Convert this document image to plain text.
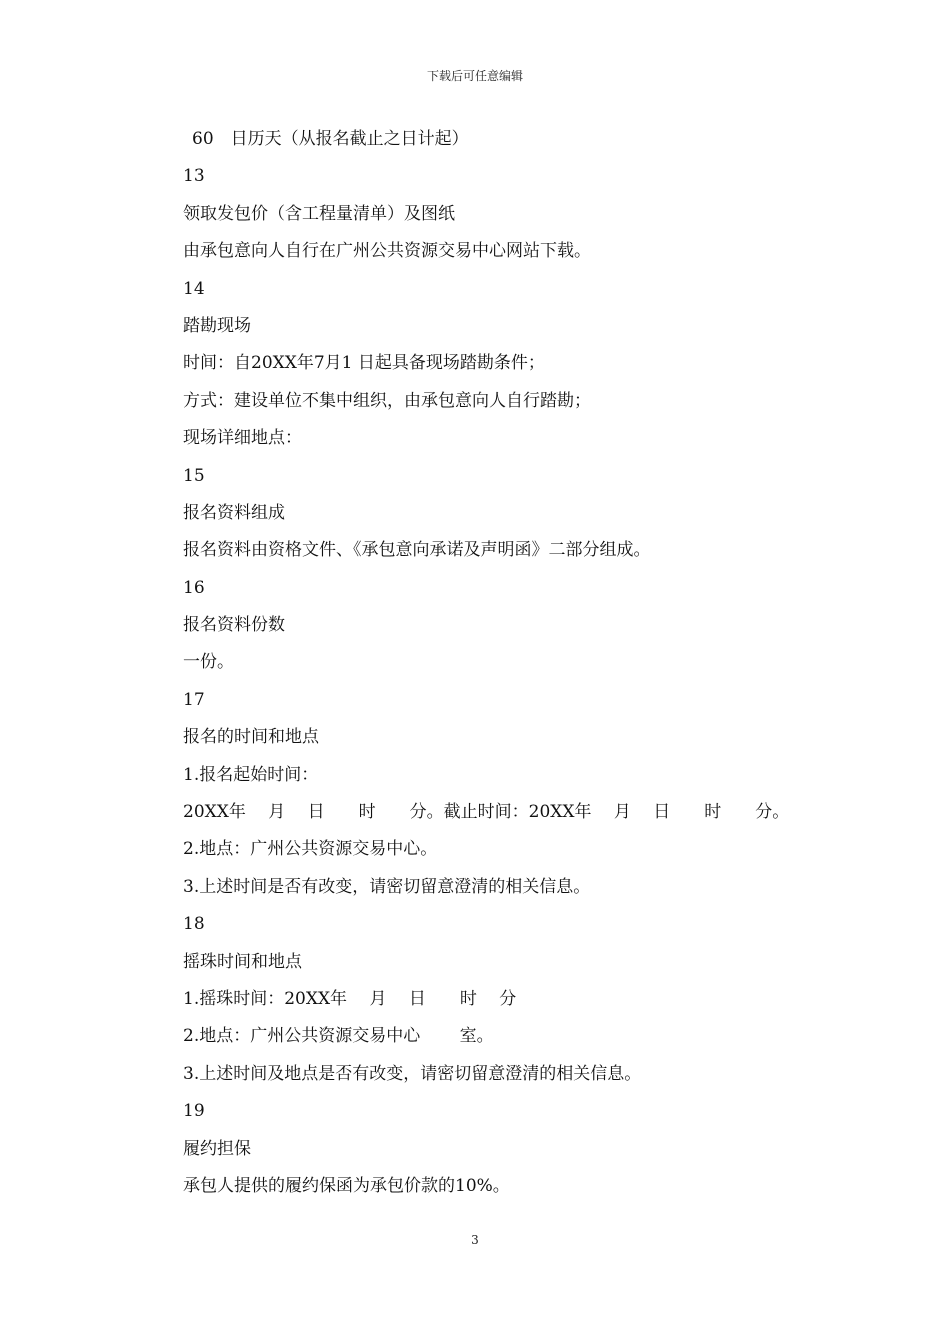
下载后可任意编辑
60　日历天（从报名截止之日计起）
13
领取发包价（含工程量清单）及图纸
由承包意向人自行在广州公共资源交易中心网站下载。
14
踏勘现场
时间：自20XX年7月1 日起具备现场踏勘条件；
方式：建设单位不集中组织，由承包意向人自行踏勘；
现场详细地点：
15
报名资料组成
报名资料由资格文件、《承包意向承诺及声明函》二部分组成。
16
报名资料份数
一份。
17
报名的时间和地点
1.报名起始时间：
20XX年　 月　 日　　时　　分。截止时间：20XX年　 月　 日　　时　　分。
2.地点：广州公共资源交易中心。
3.上述时间是否有改变，请密切留意澄清的相关信息。
18
摇珠时间和地点
1.摇珠时间：20XX年　 月　 日　　时　 分
2.地点：广州公共资源交易中心　　 室。
3.上述时间及地点是否有改变，请密切留意澄清的相关信息。
19
履约担保
承包人提供的履约保函为承包价款的10%。
3
